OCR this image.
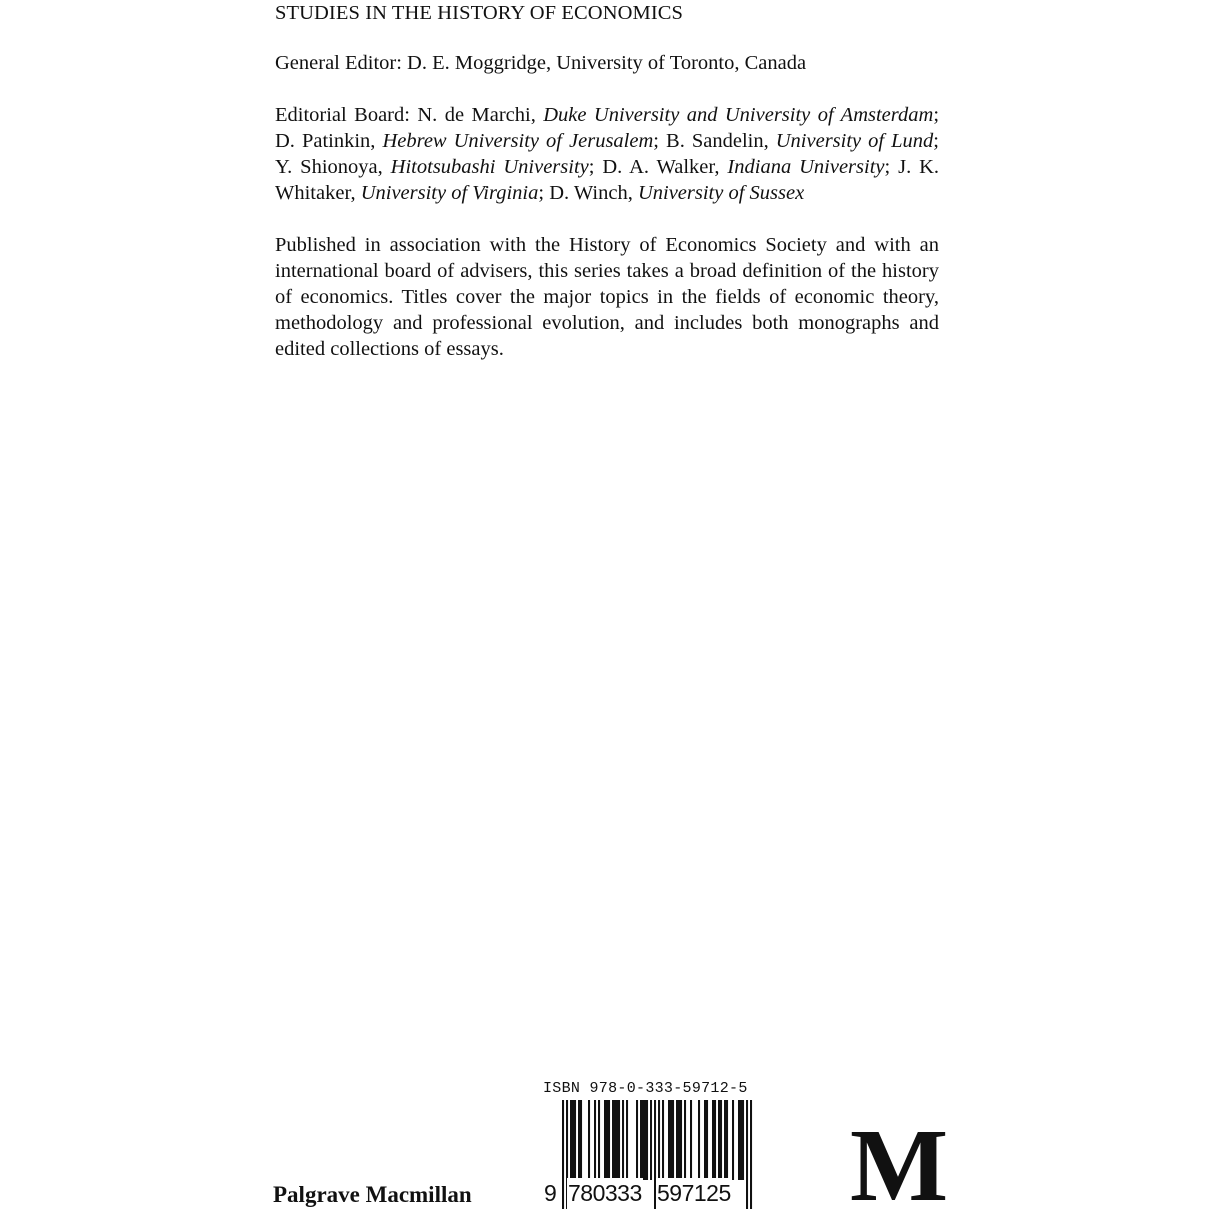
STUDIES IN THE HISTORY OF ECONOMICS
General Editor: D. E. Moggridge, University of Toronto, Canada
Editorial Board: N. de Marchi, Duke University and University of Amsterdam; D. Patinkin, Hebrew University of Jerusalem; B. Sandelin, University of Lund; Y. Shionoya, Hitotsubashi University; D. A. Walker, Indiana University; J. K. Whitaker, University of Virginia; D. Winch, University of Sussex
Published in association with the History of Economics Society and with an international board of advisers, this series takes a broad definition of the history of economics. Titles cover the major topics in the fields of economic theory, methodology and professional evolution, and includes both monographs and edited collections of essays.
ISBN 978-0-333-59712-5
9 780333 597125
Palgrave Macmillan	M
